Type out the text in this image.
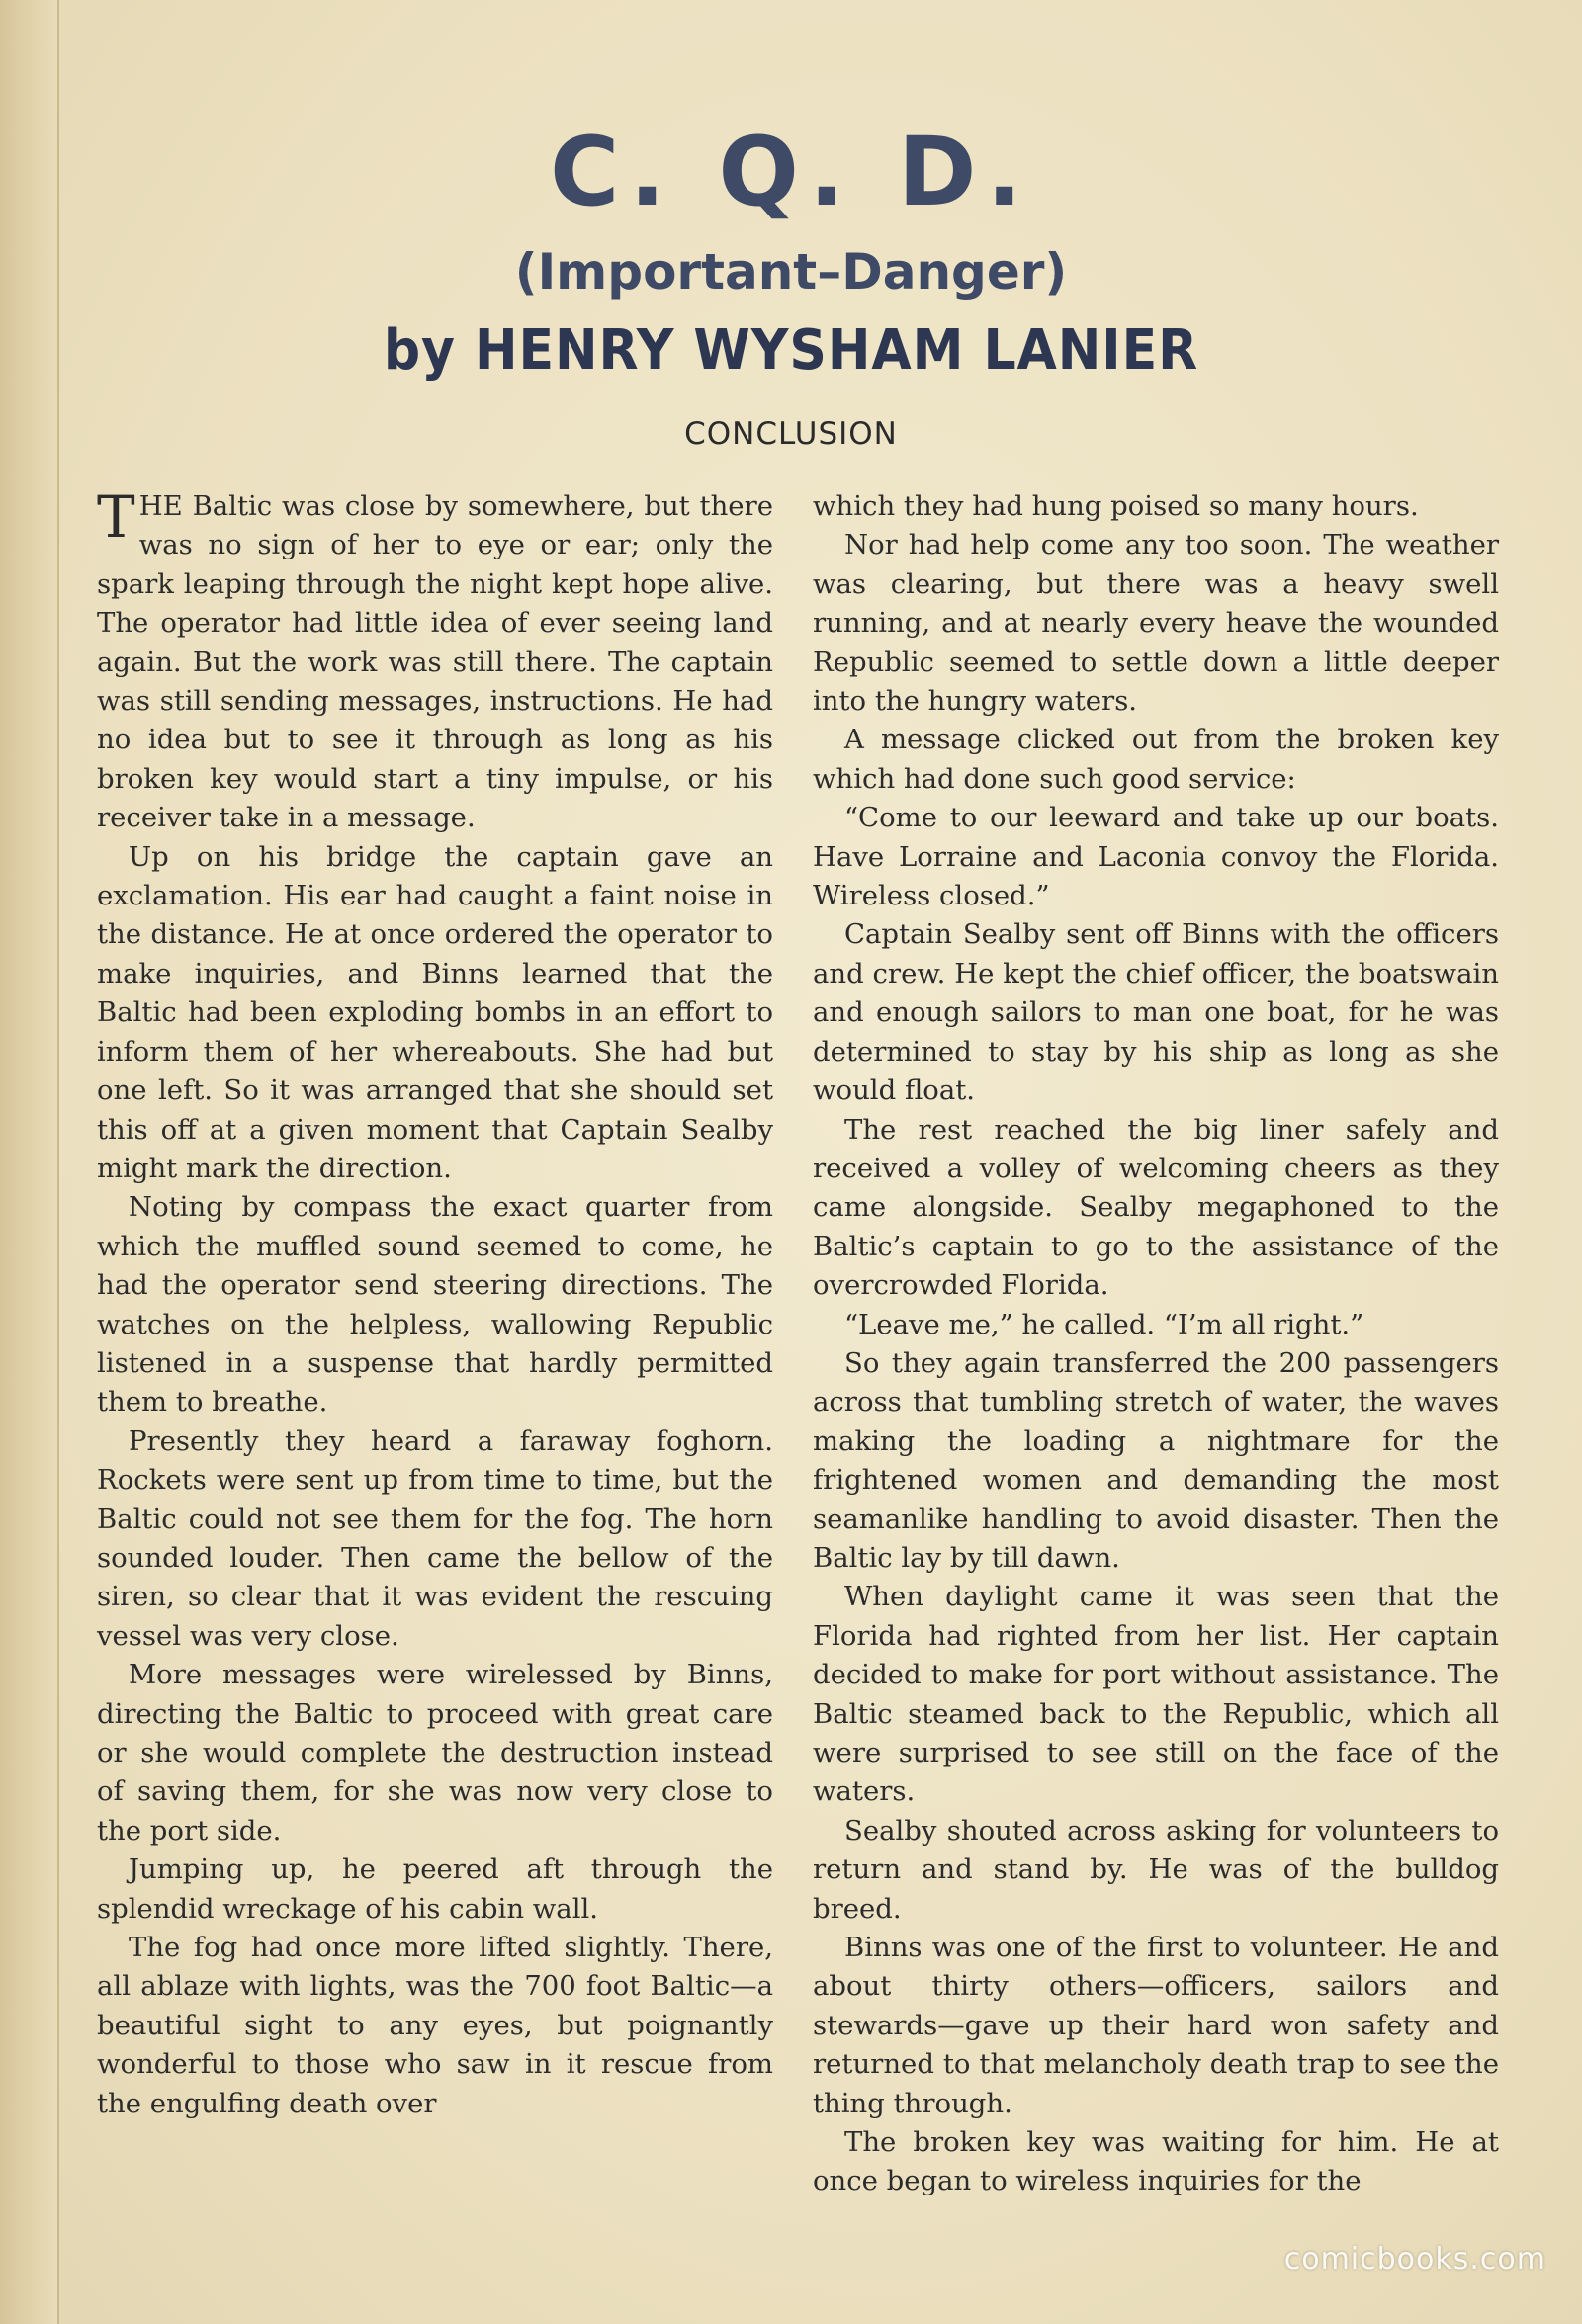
C. Q. D.
(Important–Danger)
by HENRY WYSHAM LANIER
CONCLUSION

THE Baltic was close by somewhere, but there was no sign of her to eye or ear; only the spark leaping through the night kept hope alive. The operator had little idea of ever seeing land again. But the work was still there. The captain was still sending messages, instructions. He had no idea but to see it through as long as his broken key would start a tiny impulse, or his receiver take in a message.

Up on his bridge the captain gave an exclamation. His ear had caught a faint noise in the distance. He at once ordered the operator to make inquiries, and Binns learned that the Baltic had been exploding bombs in an effort to inform them of her whereabouts. She had but one left. So it was arranged that she should set this off at a given moment that Captain Sealby might mark the direction.

Noting by compass the exact quarter from which the muffled sound seemed to come, he had the operator send steering directions. The watches on the helpless, wallowing Republic listened in a suspense that hardly permitted them to breathe.

Presently they heard a faraway foghorn. Rockets were sent up from time to time, but the Baltic could not see them for the fog. The horn sounded louder. Then came the bellow of the siren, so clear that it was evident the rescuing vessel was very close.

More messages were wirelessed by Binns, directing the Baltic to proceed with great care or she would complete the destruction instead of saving them, for she was now very close to the port side.

Jumping up, he peered aft through the splendid wreckage of his cabin wall.

The fog had once more lifted slightly. There, all ablaze with lights, was the 700 foot Baltic—a beautiful sight to any eyes, but poignantly wonderful to those who saw in it rescue from the engulfing death over

which they had hung poised so many hours.

Nor had help come any too soon. The weather was clearing, but there was a heavy swell running, and at nearly every heave the wounded Republic seemed to settle down a little deeper into the hungry waters.

A message clicked out from the broken key which had done such good service:

“Come to our leeward and take up our boats. Have Lorraine and Laconia convoy the Florida. Wireless closed.”

Captain Sealby sent off Binns with the officers and crew. He kept the chief officer, the boatswain and enough sailors to man one boat, for he was determined to stay by his ship as long as she would float.

The rest reached the big liner safely and received a volley of welcoming cheers as they came alongside. Sealby megaphoned to the Baltic’s captain to go to the assistance of the overcrowded Florida.

“Leave me,” he called. “I’m all right.”

So they again transferred the 200 passengers across that tumbling stretch of water, the waves making the loading a nightmare for the frightened women and demanding the most seamanlike handling to avoid disaster. Then the Baltic lay by till dawn.

When daylight came it was seen that the Florida had righted from her list. Her captain decided to make for port without assistance. The Baltic steamed back to the Republic, which all were surprised to see still on the face of the waters.

Sealby shouted across asking for volunteers to return and stand by. He was of the bulldog breed.

Binns was one of the first to volunteer. He and about thirty others—officers, sailors and stewards—gave up their hard won safety and returned to that melancholy death trap to see the thing through.

The broken key was waiting for him. He at once began to wireless inquiries for the

comicbooks.com
